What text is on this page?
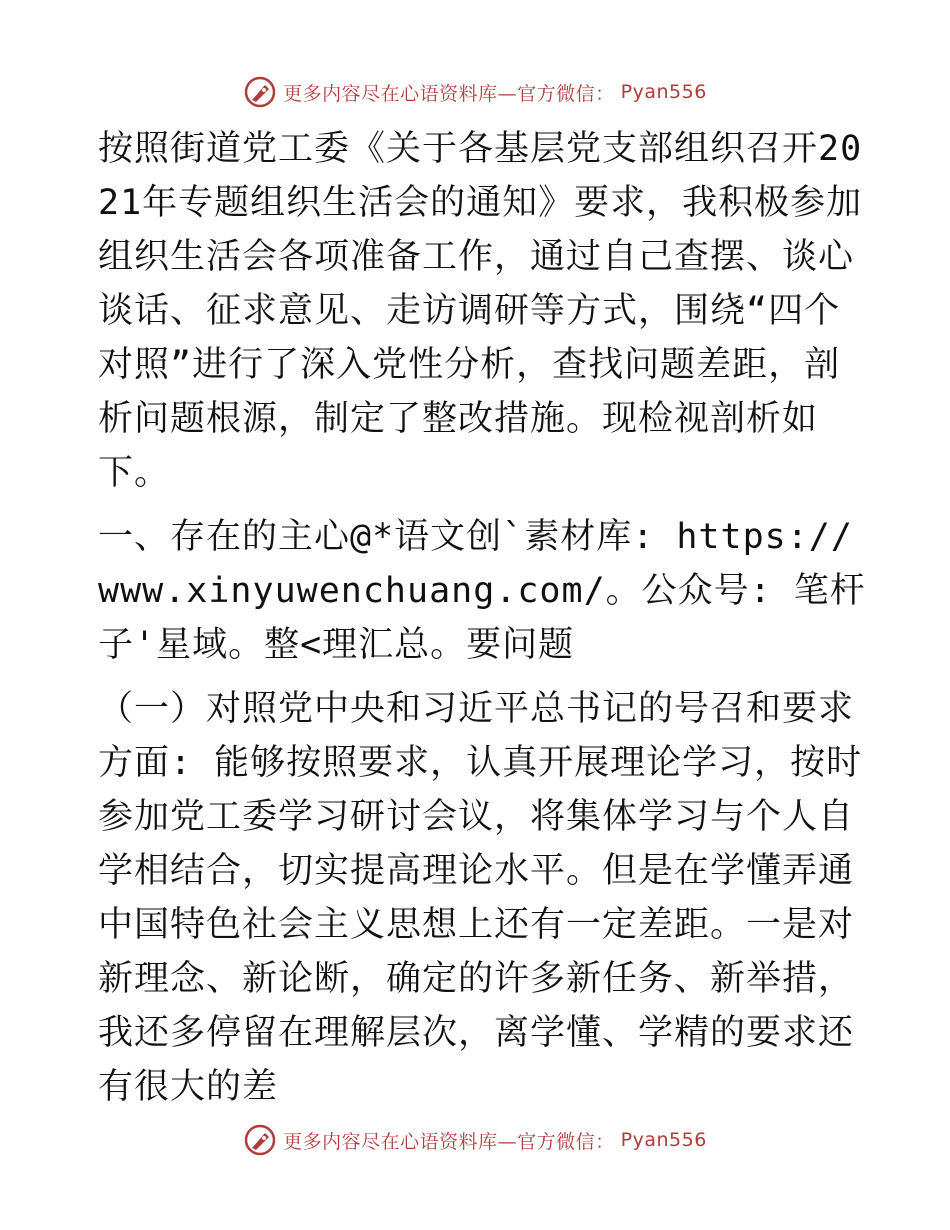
更多内容尽在心语资料库—官方微信： Pyan556

按照街道党工委《关于各基层党支部组织召开2021年专题组织生活会的通知》要求，我积极参加组织生活会各项准备工作，通过自己查摆、谈心谈话、征求意见、走访调研等方式，围绕“四个对照”进行了深入党性分析，查找问题差距，剖析问题根源，制定了整改措施。现检视剖析如下。

一、存在的主心@*语文创`素材库: https://www.xinyuwenchuang.com/。公众号: 笔杆子'星域。整<理汇总。要问题

（一）对照党中央和习近平总书记的号召和要求方面: 能够按照要求，认真开展理论学习，按时参加党工委学习研讨会议，将集体学习与个人自学相结合，切实提高理论水平。但是在学懂弄通中国特色社会主义思想上还有一定差距。一是对新理念、新论断，确定的许多新任务、新举措，我还多停留在理解层次，离学懂、学精的要求还有很大的差

更多内容尽在心语资料库—官方微信： Pyan556
